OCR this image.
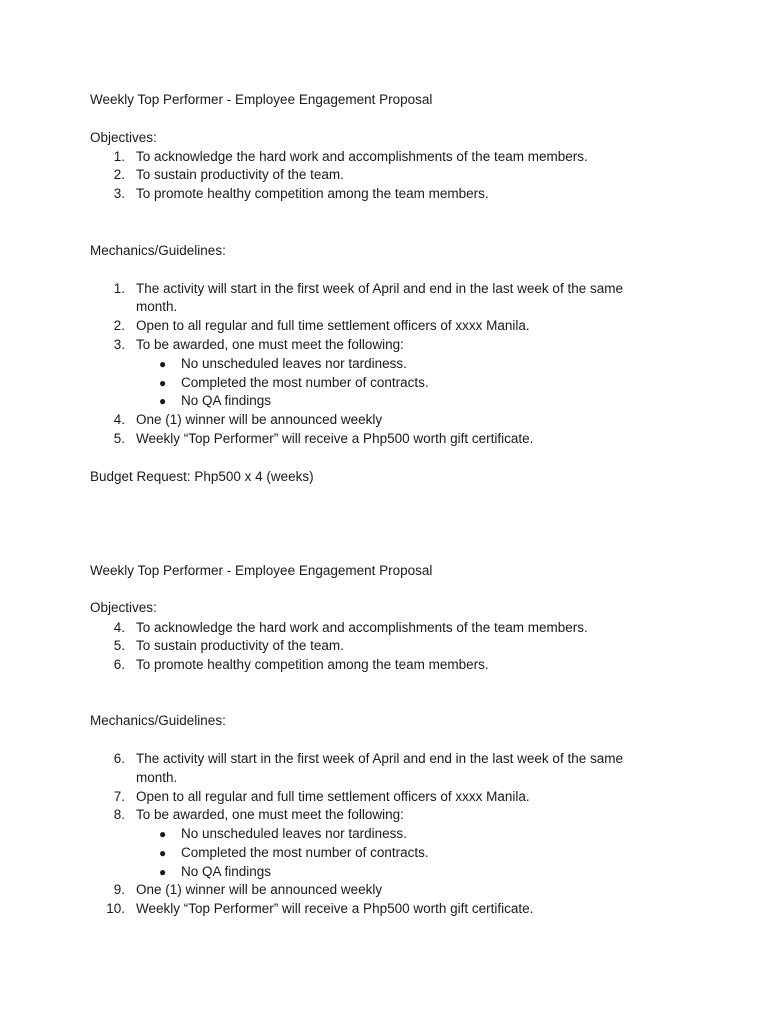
Weekly Top Performer - Employee Engagement Proposal
Objectives:
1. To acknowledge the hard work and accomplishments of the team members.
2. To sustain productivity of the team.
3. To promote healthy competition among the team members.
Mechanics/Guidelines:
1. The activity will start in the first week of April and end in the last week of the same
month.
2. Open to all regular and full time settlement officers of xxxx Manila.
3. To be awarded, one must meet the following:
● No unscheduled leaves nor tardiness.
● Completed the most number of contracts.
● No QA findings
4. One (1) winner will be announced weekly
5. Weekly “Top Performer” will receive a Php500 worth gift certificate.
Budget Request: Php500 x 4 (weeks)
Weekly Top Performer - Employee Engagement Proposal
Objectives:
4. To acknowledge the hard work and accomplishments of the team members.
5. To sustain productivity of the team.
6. To promote healthy competition among the team members.
Mechanics/Guidelines:
6. The activity will start in the first week of April and end in the last week of the same
month.
7. Open to all regular and full time settlement officers of xxxx Manila.
8. To be awarded, one must meet the following:
● No unscheduled leaves nor tardiness.
● Completed the most number of contracts.
● No QA findings
9. One (1) winner will be announced weekly
10. Weekly “Top Performer” will receive a Php500 worth gift certificate.
